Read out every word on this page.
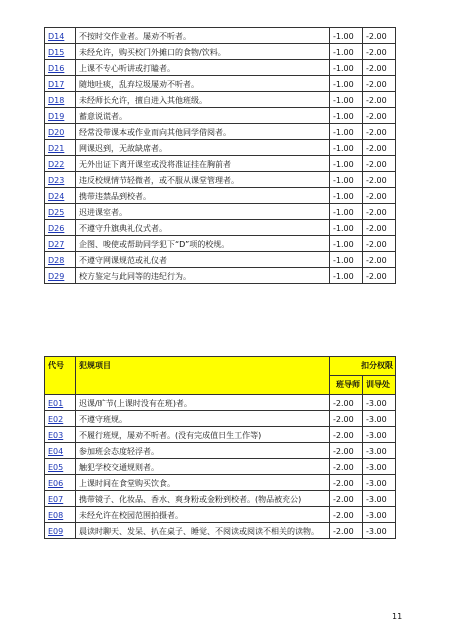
D14	不按时交作业者。屡劝不听者。	-1.00	-2.00
D15	未经允许，购买校门外摊口的食物/饮料。	-1.00	-2.00
D16	上课不专心听讲或打瞌者。	-1.00	-2.00
D17	随地吐痰，乱弃垃圾屡劝不听者。	-1.00	-2.00
D18	未经师长允许，擅自进入其他班级。	-1.00	-2.00
D19	蓄意说谎者。	-1.00	-2.00
D20	经常没带课本或作业而向其他同学借阅者。	-1.00	-2.00
D21	网课迟到，无故缺席者。	-1.00	-2.00
D22	无外出证下离开课室或没将准证挂在胸前者	-1.00	-2.00
D23	违反校规情节轻微者，或不服从课堂管理者。	-1.00	-2.00
D24	携带违禁品到校者。	-1.00	-2.00
D25	迟进课室者。	-1.00	-2.00
D26	不遵守升旗典礼仪式者。	-1.00	-2.00
D27	企图、唆使或帮助同学犯下“D”项的校规。	-1.00	-2.00
D28	不遵守网课规范或礼仪者	-1.00	-2.00
D29	校方鉴定与此同等的违纪行为。	-1.00	-2.00
代号	犯规项目	扣分权限	
		班导师	训导处
E01	迟课/旷节(上课时没有在班)者。	-2.00	-3.00
E02	不遵守班规。	-2.00	-3.00
E03	不履行班规，屡劝不听者。(没有完成值日生工作等)	-2.00	-3.00
E04	参加班会态度轻浮者。	-2.00	-3.00
E05	触犯学校交通规则者。	-2.00	-3.00
E06	上课时间在食堂购买饮食。	-2.00	-3.00
E07	携带镜子、化妆品、香水、爽身粉或金粉到校者。(物品被充公)	-2.00	-3.00
E08	未经允许在校园范围拍摄者。	-2.00	-3.00
E09	晨读时聊天、发呆、扒在桌子、睡觉、不阅读或阅读不相关的读物。	-2.00	-3.00
11
